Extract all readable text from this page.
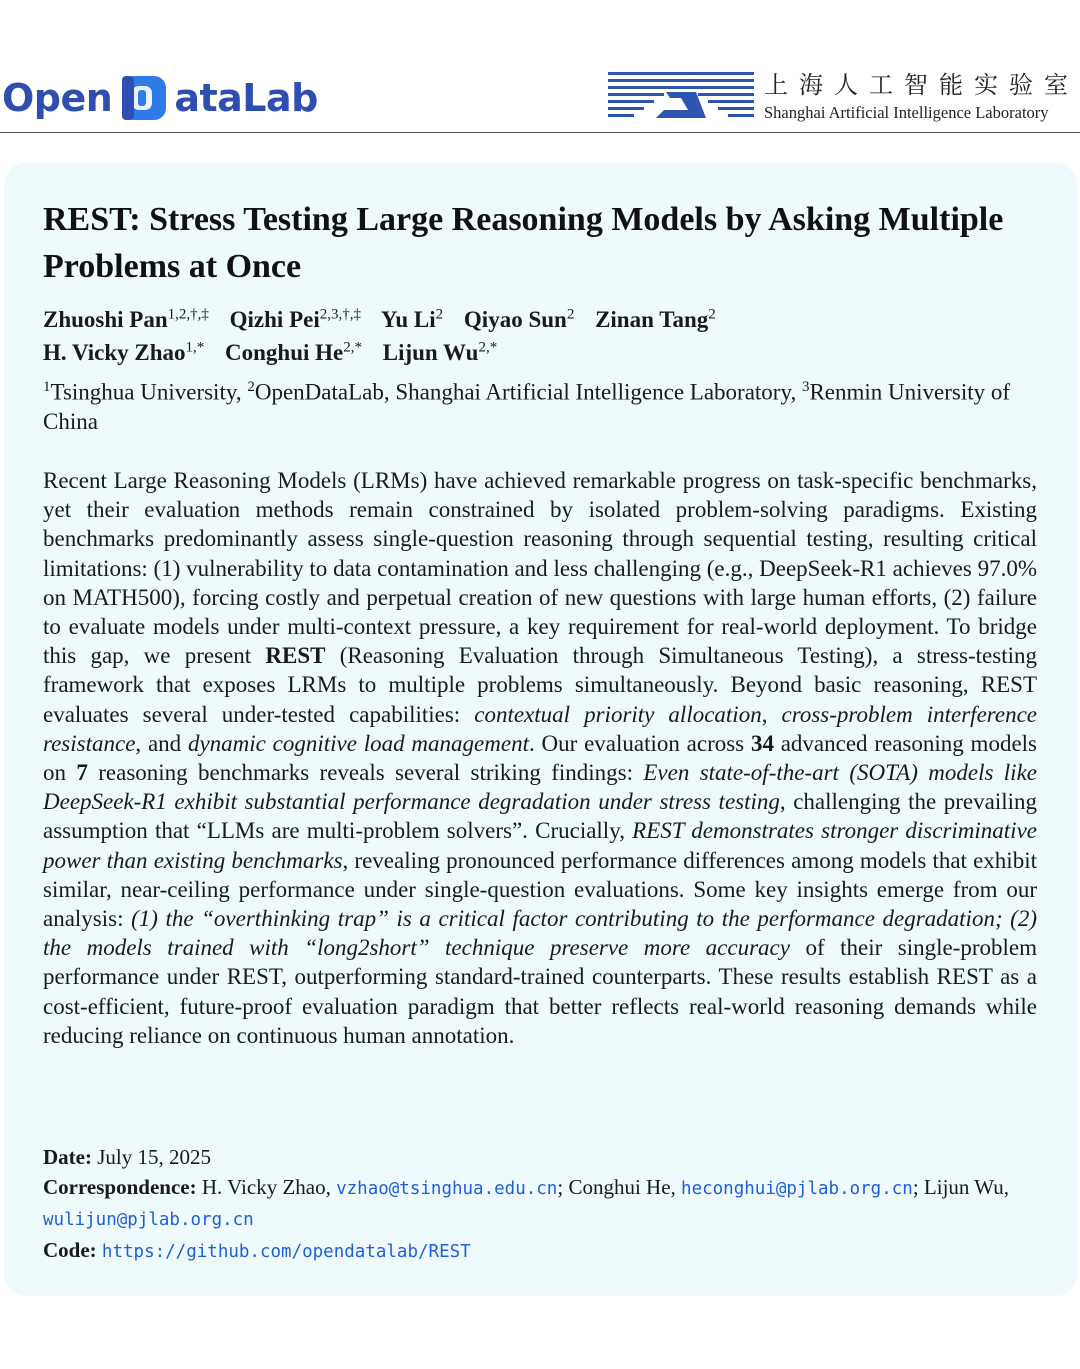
Open ataLab	上海人工智能实验室
Shanghai Artificial Intelligence Laboratory
REST: Stress Testing Large Reasoning Models by Asking Multiple Problems at Once
Zhuoshi Pan$^{1,2,\dagger,\ddagger}$ Qizhi Pei$^{2,3,\dagger,\ddagger}$ Yu Li$^2$ Qiyao Sun$^2$ Zinan Tang$^2$
H. Vicky Zhao$^{1,*}$ Conghui $He^{2,*}$ Lijun $Wu^{2,*}$
$^1$Tsinghua University, $^2$OpenDataLab, Shanghai Artificial Intelligence Laboratory, $^3$Renmin University of China
Recent Large Reasoning Models (LRMs) have achieved remarkable progress on task-specific benchmarks, yet their evaluation methods remain constrained by isolated problem-solving paradigms. Existing benchmarks predominantly assess single-question reasoning through sequential testing, resulting critical limitations: (1) vulnerability to data contamination and less challenging (e.g., DeepSeek-R1 achieves 97.0% on MATH500), forcing costly and perpetual creation of new questions with large human efforts, (2) failure to evaluate models under multi-context pressure, a key requirement for real-world deployment. To bridge this gap, we present REST (Reasoning Evaluation through Simultaneous Testing), a stress-testing framework that exposes LRMs to multiple problems simultaneously. Beyond basic reasoning, REST evaluates several under-tested capabilities: contextual priority allocation, cross-problem interference resistance, and dynamic cognitive load management. Our evaluation across 34 advanced reasoning models on 7 reasoning benchmarks reveals several striking findings: Even state-of-the-art (SOTA) models like DeepSeek-R1 exhibit substantial performance degradation under stress testing, challenging the prevailing assumption that “LLMs are multi-problem solvers”. Crucially, REST demonstrates stronger discriminative power than existing benchmarks, revealing pronounced performance differences among models that exhibit similar, near-ceiling performance under single-question evaluations. Some key insights emerge from our analysis: (1) the “overthinking trap” is a critical factor contributing to the performance degradation; (2) the models trained with “long2short” technique preserve more accuracy of their single-problem performance under REST, outperforming standard-trained counterparts. These results establish REST as a cost-efficient, future-proof evaluation paradigm that better reflects real-world reasoning demands while reducing reliance on continuous human annotation.
Date: July 15, 2025
Correspondence: H. Vicky Zhao, vzhao@tsinghua.edu.cn; Conghui He, heconghui@pjlab.org.cn; Lijun Wu, wulijun@pjlab.org.cn
Code: https://github.com/opendatalab/REST
